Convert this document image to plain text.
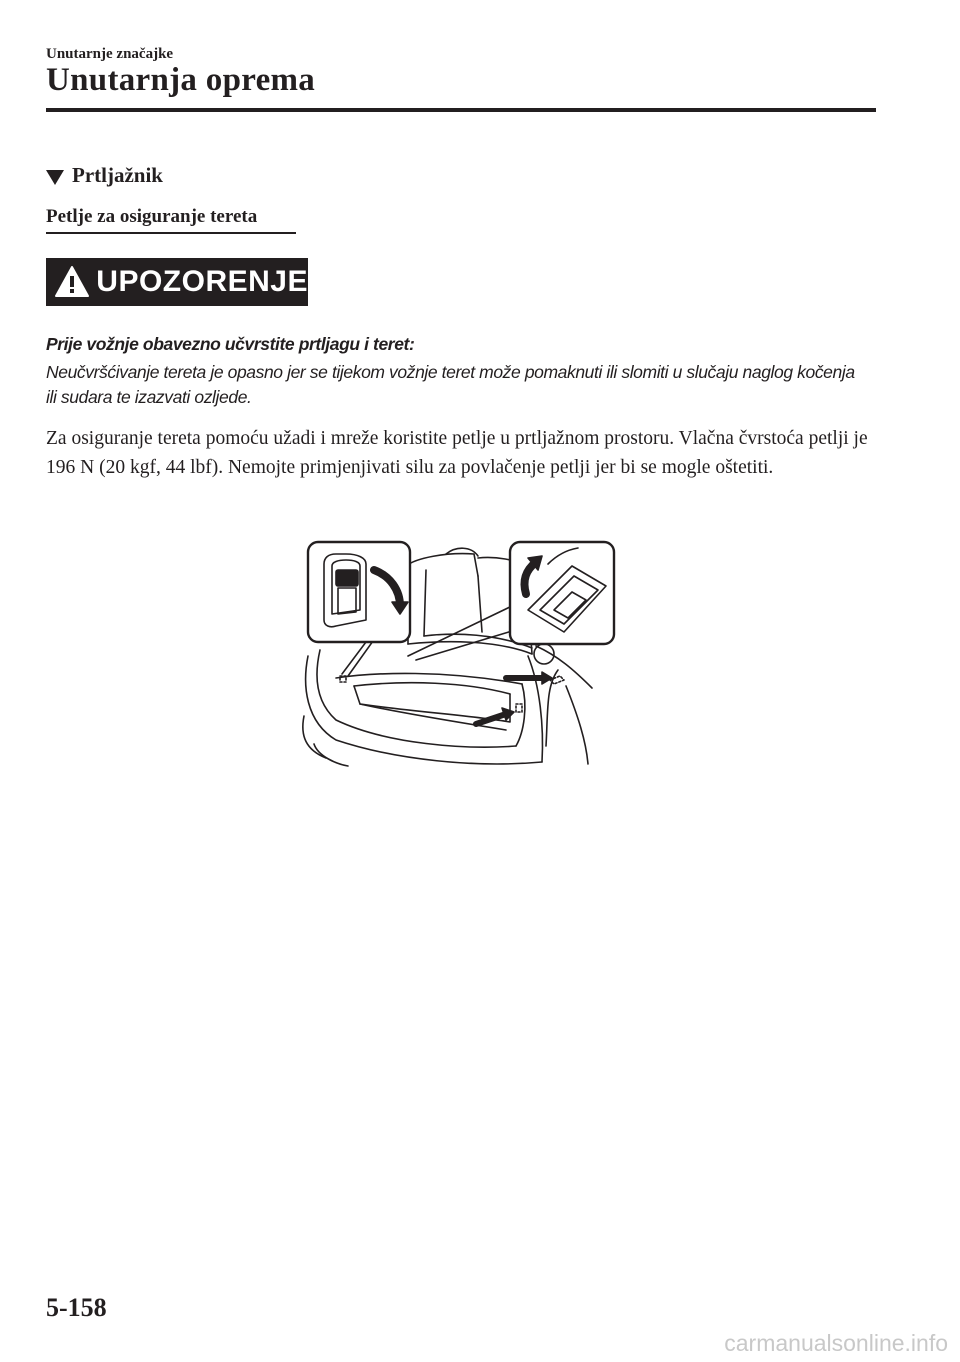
Unutarnje značajke
Unutarnja oprema
Prtljažnik
Petlje za osiguranje tereta
UPOZORENJE
Prije vožnje obavezno učvrstite prtljagu i teret:
Neučvršćivanje tereta je opasno jer se tijekom vožnje teret može pomaknuti ili slomiti u slučaju naglog kočenja ili sudara te izazvati ozljede.
Za osiguranje tereta pomoću užadi i mreže koristite petlje u prtljažnom prostoru. Vlačna čvrstoća petlji je 196 N (20 kgf, 44 lbf). Nemojte primjenjivati silu za povlačenje petlji jer bi se mogle oštetiti.
5-158
carmanualsonline.info
